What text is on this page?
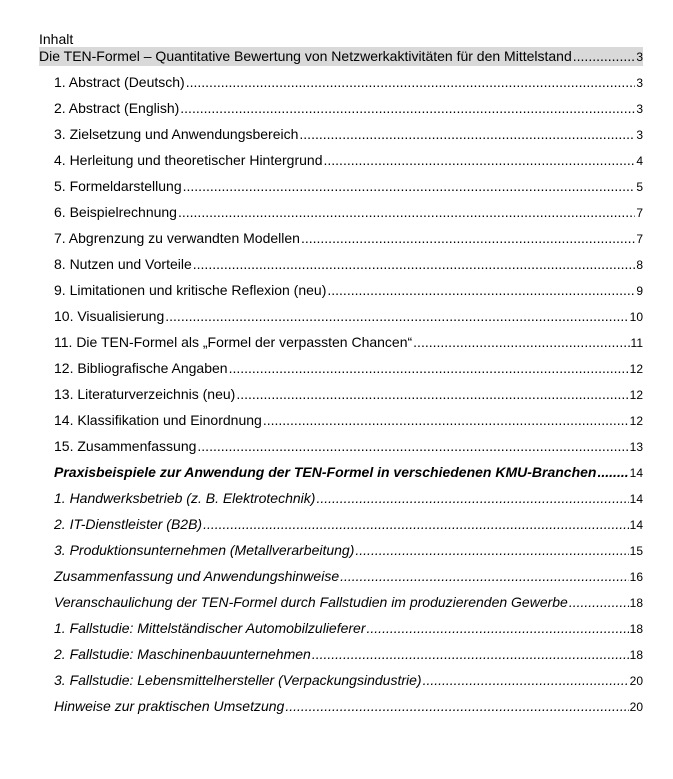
Inhalt
Die TEN-Formel – Quantitative Bewertung von Netzwerkaktivitäten für den Mittelstand .....	3
1. Abstract (Deutsch) .....	3
2. Abstract (English) .....	3
3. Zielsetzung und Anwendungsbereich .....	3
4. Herleitung und theoretischer Hintergrund .....	4
5. Formeldarstellung .....	5
6. Beispielrechnung .....	7
7. Abgrenzung zu verwandten Modellen .....	7
8. Nutzen und Vorteile .....	8
9. Limitationen und kritische Reflexion (neu) .....	9
10. Visualisierung .....	10
11. Die TEN-Formel als „Formel der verpassten Chancen“ .....	11
12. Bibliografische Angaben .....	12
13. Literaturverzeichnis (neu) .....	12
14. Klassifikation und Einordnung .....	12
15. Zusammenfassung .....	13
Praxisbeispiele zur Anwendung der TEN-Formel in verschiedenen KMU-Branchen .....	14
1. Handwerksbetrieb (z. B. Elektrotechnik) .....	14
2. IT-Dienstleister (B2B) .....	14
3. Produktionsunternehmen (Metallverarbeitung) .....	15
Zusammenfassung und Anwendungshinweise .....	16
Veranschaulichung der TEN-Formel durch Fallstudien im produzierenden Gewerbe .....	18
1. Fallstudie: Mittelständischer Automobilzulieferer .....	18
2. Fallstudie: Maschinenbauunternehmen .....	18
3. Fallstudie: Lebensmittelhersteller (Verpackungsindustrie) .....	20
Hinweise zur praktischen Umsetzung .....	20
